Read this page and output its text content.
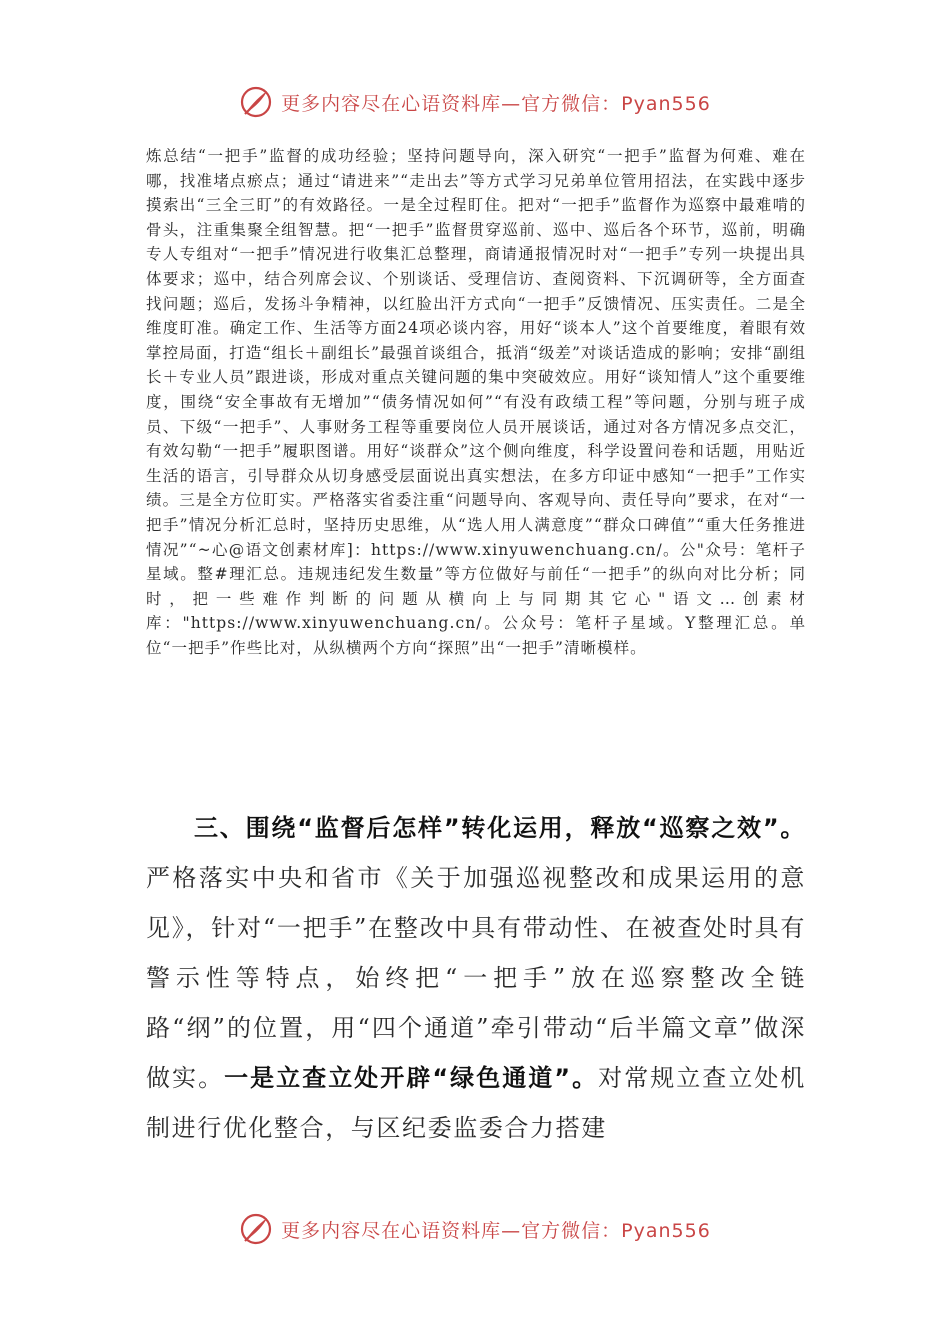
更多内容尽在心语资料库—官方微信：Pyan556

炼总结“一把手”监督的成功经验；坚持问题导向，深入研究“一把手”监督为何难、难在哪，找准堵点瘀点；通过“请进来”“走出去”等方式学习兄弟单位管用招法，在实践中逐步摸索出“三全三盯”的有效路径。一是全过程盯住。把对“一把手”监督作为巡察中最难啃的骨头，注重集聚全组智慧。把“一把手”监督贯穿巡前、巡中、巡后各个环节，巡前，明确专人专组对“一把手”情况进行收集汇总整理，商请通报情况时对“一把手”专列一块提出具体要求；巡中，结合列席会议、个别谈话、受理信访、查阅资料、下沉调研等，全方面查找问题；巡后，发扬斗争精神，以红脸出汗方式向“一把手”反馈情况、压实责任。二是全维度盯准。确定工作、生活等方面24项必谈内容，用好“谈本人”这个首要维度，着眼有效掌控局面，打造“组长＋副组长”最强首谈组合，抵消“级差”对谈话造成的影响；安排“副组长＋专业人员”跟进谈，形成对重点关键问题的集中突破效应。用好“谈知情人”这个重要维度，围绕“安全事故有无增加”“债务情况如何”“有没有政绩工程”等问题，分别与班子成员、下级“一把手”、人事财务工程等重要岗位人员开展谈话，通过对各方情况多点交汇，有效勾勒“一把手”履职图谱。用好“谈群众”这个侧向维度，科学设置问卷和话题，用贴近生活的语言，引导群众从切身感受层面说出真实想法，在多方印证中感知“一把手”工作实绩。三是全方位盯实。严格落实省委注重“问题导向、客观导向、责任导向”要求，在对“一把手”情况分析汇总时，坚持历史思维，从“选人用人满意度”“群众口碑值”“重大任务推进情况”“~心@语文创素材库]：https://www.xinyuwenchuang.cn/。公"众号：笔杆子星域。整#理汇总。违规违纪发生数量”等方位做好与前任“一把手”的纵向对比分析；同时，把一些难作判断的问题从横向上与同期其它心"语文…创素材库："https://www.xinyuwenchuang.cn/。公众号：笔杆子星域。Y整理汇总。单位“一把手”作些比对，从纵横两个方向“探照”出“一把手”清晰模样。

三、围绕“监督后怎样”转化运用，释放“巡察之效”。严格落实中央和省市《关于加强巡视整改和成果运用的意见》，针对“一把手”在整改中具有带动性、在被查处时具有警示性等特点，始终把“一把手”放在巡察整改全链路“纲”的位置，用“四个通道”牵引带动“后半篇文章”做深做实。一是立查立处开辟“绿色通道”。对常规立查立处机制进行优化整合，与区纪委监委合力搭建

更多内容尽在心语资料库—官方微信：Pyan556
